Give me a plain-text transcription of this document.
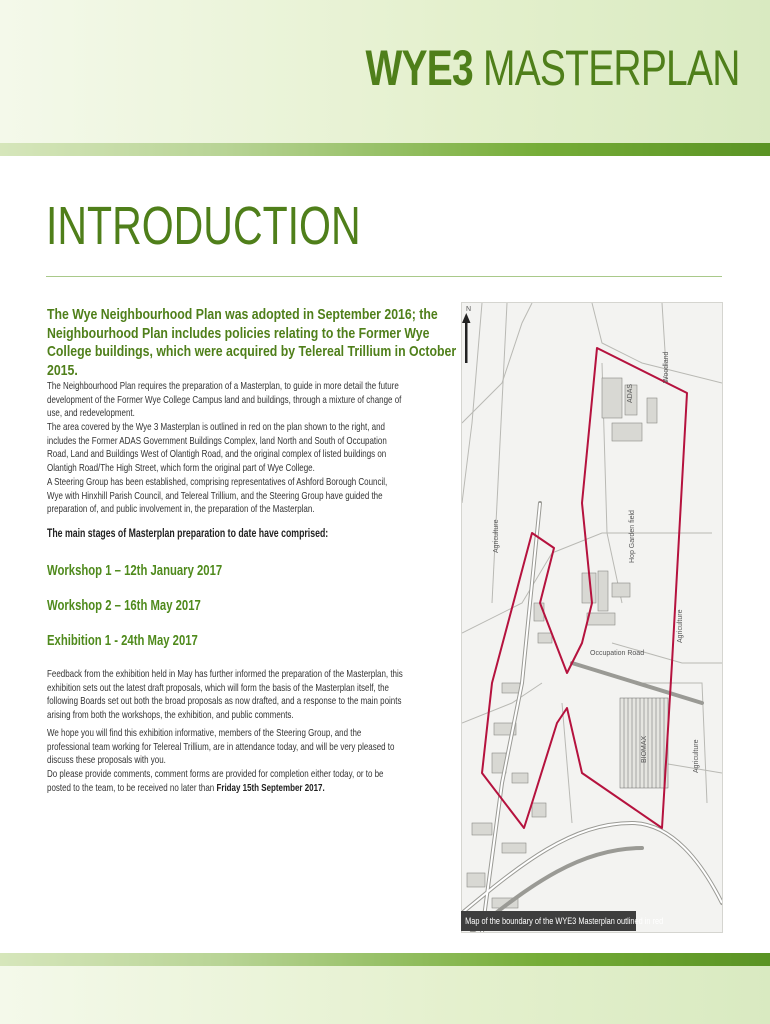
WYE3 MASTERPLAN
INTRODUCTION
The Wye Neighbourhood Plan was adopted in September 2016; the Neighbourhood Plan includes policies relating to the Former Wye College buildings, which were acquired by Telereal Trillium in October 2015.
The Neighbourhood Plan requires the preparation of a Masterplan, to guide in more detail the future development of the Former Wye College Campus land and buildings, through a mixture of change of use, and redevelopment.
The area covered by the Wye 3 Masterplan is outlined in red on the plan shown to the right, and includes the Former ADAS Government Buildings Complex, land North and South of Occupation Road, Land and Buildings West of Olantigh Road, and the original complex of listed buildings on Olantigh Road/The High Street, which form the original part of Wye College.
A Steering Group has been established, comprising representatives of Ashford Borough Council, Wye with Hinxhill Parish Council, and Telereal Trillium, and the Steering Group have guided the preparation of, and public involvement in, the preparation of the Masterplan.
The main stages of Masterplan preparation to date have comprised:
Workshop 1 – 12th January 2017
Workshop 2 – 16th May 2017
Exhibition 1 - 24th May 2017
Feedback from the exhibition held in May has further informed the preparation of the Masterplan, this exhibition sets out the latest draft proposals, which will form the basis of the Masterplan itself, the following Boards set out both the broad proposals as now drafted, and a response to the main points arising from both the workshops, the exhibition, and public comments.
We hope you will find this exhibition informative, members of the Steering Group, and the professional team working for Telereal Trillium, are in attendance today, and will be very pleased to discuss these proposals with you.
Do please provide comments, comment forms are provided for completion either today, or to be posted to the team, to be received no later than Friday 15th September 2017.
N
Agriculture	Hop Garden field
Agriculture
Agriculture
BIOMAX
Occupation Road
ADAS
Woodland
Map of the boundary of the WYE3 Masterplan outlined in red
